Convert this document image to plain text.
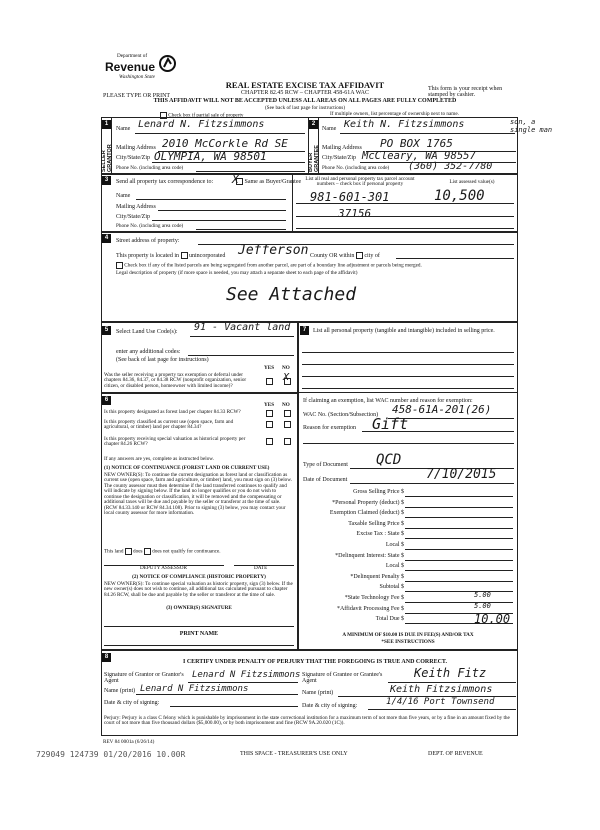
Department of
Revenue
Washington State
PLEASE TYPE OR PRINT
REAL ESTATE EXCISE TAX AFFIDAVIT
CHAPTER 82.45 RCW – CHAPTER 458-61A WAC
THIS AFFIDAVIT WILL NOT BE ACCEPTED UNLESS ALL AREAS ON ALL PAGES ARE FULLY COMPLETED
(See back of last page for instructions)
This form is your receipt when stamped by cashier.
Check box if partial sale of property	If multiple owners, list percentage of ownership next to name.
1
SELLER GRANTOR
Name Lenard N. Fitzsimmons
Mailing Address 2010 McCorkle Rd SE
City/State/Zip OLYMPIA, WA 98501
Phone No. (including area code)
2
BUYER GRANTEE
Name Keith N. Fitzsimmons	son, a single man
Mailing Address PO BOX 1765
City/State/Zip McCleary, WA 98557
Phone No. (including area code) (360) 352-7780
3	Send all property tax correspondence to:	Same as Buyer/Grantee
X
Name
Mailing Address
City/State/Zip
Phone No. (including area code)
List all real and personal property tax parcel account numbers – check box if personal property	List assessed value(s)
981-601-301	10,500
37156
4	Street address of property:
This property is located in unincorporated Jefferson County OR within city of
Check box if any of the listed parcels are being segregated from another parcel, are part of a boundary line adjustment or parcels being merged.
Legal description of property (if more space is needed, you may attach a separate sheet to each page of the affidavit)
See Attached
5	Select Land Use Code(s): 91 - Vacant land
enter any additional codes:
(See back of last page for instructions)
YES NO
Was the seller receiving a property tax exemption or deferral under chapters 84.36, 84.37, or 84.38 RCW (nonprofit organization, senior citizen, or disabled person, homeowner with limited income)?
X
7	List all personal property (tangible and intangible) included in selling price.
6
YES NO
Is this property designated as forest land per chapter 84.33 RCW?
Is this property classified as current use (open space, farm and agricultural, or timber) land per chapter 84.34?
Is this property receiving special valuation as historical property per chapter 84.26 RCW?
If any answers are yes, complete as instructed below.
(1) NOTICE OF CONTINUANCE (FOREST LAND OR CURRENT USE)
NEW OWNER(S): To continue the current designation as forest land or classification as current use (open space, farm and agriculture, or timber) land, you must sign on (3) below. The county assessor must then determine if the land transferred continues to qualify and will indicate by signing below. If the land no longer qualifies or you do not wish to continue the designation or classification, it will be removed and the compensating or additional taxes will be due and payable by the seller or transferor at the time of sale. (RCW 84.33.140 or RCW 84.34.108). Prior to signing (3) below, you may contact your local county assessor for more information.
This land does does not qualify for continuance.
DEPUTY ASSESSOR	DATE
(2) NOTICE OF COMPLIANCE (HISTORIC PROPERTY)
NEW OWNER(S): To continue special valuation as historic property, sign (3) below. If the new owner(s) does not wish to continue, all additional tax calculated pursuant to chapter 84.26 RCW, shall be due and payable by the seller or transferor at the time of sale.
(3) OWNER(S) SIGNATURE
PRINT NAME
If claiming an exemption, list WAC number and reason for exemption:
WAC No. (Section/Subsection) 458-61A-201(26)
Reason for exemption Gift
Type of Document QCD
Date of Document	7/10/2015
Gross Selling Price $
*Personal Property (deduct) $
Exemption Claimed (deduct) $
Taxable Selling Price $
Excise Tax : State $
Local $
*Delinquent Interest: State $
Local $
*Delinquent Penalty $
Subtotal $
*State Technology Fee $	5.00
*Affidavit Processing Fee $	5.00
Total Due $	10.00
A MINIMUM OF $10.00 IS DUE IN FEE(S) AND/OR TAX
*SEE INSTRUCTIONS
8
I CERTIFY UNDER PENALTY OF PERJURY THAT THE FOREGOING IS TRUE AND CORRECT.
Signature of Grantor or Grantor's Agent
Lenard N Fitzsimmons
Name (print) Lenard N Fitzsimmons
Date & city of signing:
Signature of Grantee or Grantee's Agent
Keith Fitz
Name (print)	Keith Fitzsimmons
Date & city of signing:	1/4/16 Port Townsend
Perjury: Perjury is a class C felony which is punishable by imprisonment in the state correctional institution for a maximum term of not more than five years, or by a fine in an amount fixed by the court of not more than five thousand dollars ($5,000.00), or by both imprisonment and fine (RCW 9A.20.020 (1C)).
REV 84 0001a (6/26/14)
729049 124739 01/20/2016 10.00R	THIS SPACE - TREASURER'S USE ONLY	DEPT. OF REVENUE
